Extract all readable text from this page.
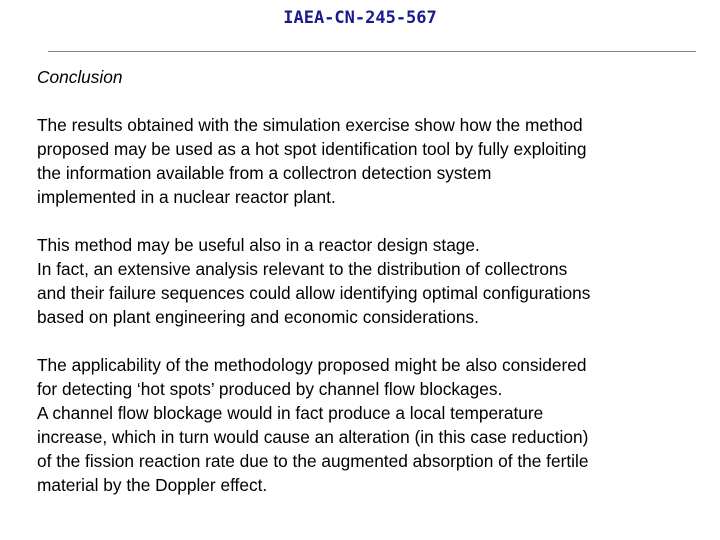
IAEA-CN-245-567
Conclusion
The results obtained with the simulation exercise show how the method
proposed may be used as a hot spot identification tool by fully exploiting
the information available from a collectron detection system
implemented in a nuclear reactor plant.
This method may be useful also in a reactor design stage.
In fact, an extensive analysis relevant to the distribution of collectrons
and their failure sequences could allow identifying optimal configurations
based on plant engineering and economic considerations.
The applicability of the methodology proposed might be also considered
for detecting ‘hot spots’ produced by channel flow blockages.
A channel flow blockage would in fact produce a local temperature
increase, which in turn would cause an alteration (in this case reduction)
of the fission reaction rate due to the augmented absorption of the fertile
material by the Doppler effect.
